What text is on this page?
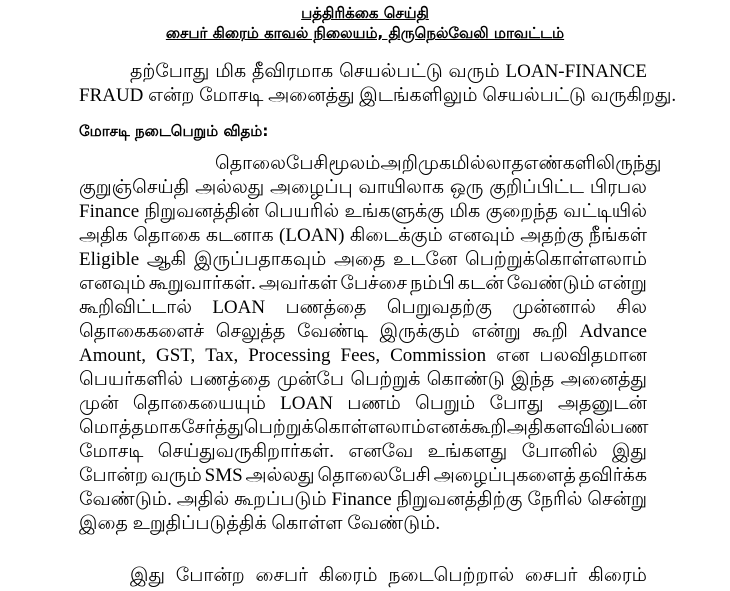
பத்திரிக்கை செய்தி
சைபர் கிரைம் காவல் நிலையம், திருநெல்வேலி மாவட்டம்
தற்போது மிக தீவிரமாக செயல்பட்டு வரும் LOAN-FINANCE
FRAUD என்ற மோசடி அனைத்து இடங்களிலும் செயல்பட்டு வருகிறது.
மோசடி நடைபெறும் விதம்:
தொலைபேசி மூலம் அறிமுகமில்லாத எண்களிலிருந்து
குறுஞ்செய்தி அல்லது அழைப்பு வாயிலாக ஒரு குறிப்பிட்ட பிரபல
Finance நிறுவனத்தின் பெயரில் உங்களுக்கு மிக குறைந்த வட்டியில்
அதிக தொகை கடனாக (LOAN) கிடைக்கும் எனவும் அதற்கு நீங்கள்
Eligible ஆகி இருப்பதாகவும் அதை உடனே பெற்றுக்கொள்ளலாம்
எனவும் கூறுவார்கள். அவர்கள் பேச்சை நம்பி கடன் வேண்டும் என்று
கூறிவிட்டால் LOAN பணத்தை பெறுவதற்கு முன்னால் சில
தொகைகளைச் செலுத்த வேண்டி இருக்கும் என்று கூறி Advance
Amount, GST, Tax, Processing Fees, Commission என பலவிதமான
பெயர்களில் பணத்தை முன்பே பெற்றுக் கொண்டு இந்த அனைத்து
முன் தொகையையும் LOAN பணம் பெறும் போது அதனுடன்
மொத்தமாக சேர்த்து பெற்றுக்கொள்ளலாம் எனக்கூறி அதிகளவில் பண
மோசடி செய்துவருகிறார்கள். எனவே உங்களது போனில் இது
போன்ற வரும் SMS அல்லது தொலைபேசி அழைப்புகளைத் தவிர்க்க
வேண்டும். அதில் கூறப்படும் Finance நிறுவனத்திற்கு நேரில் சென்று
இதை உறுதிப்படுத்திக் கொள்ள வேண்டும்.
இது போன்ற சைபர் கிரைம் நடைபெற்றால் சைபர் கிரைம்
